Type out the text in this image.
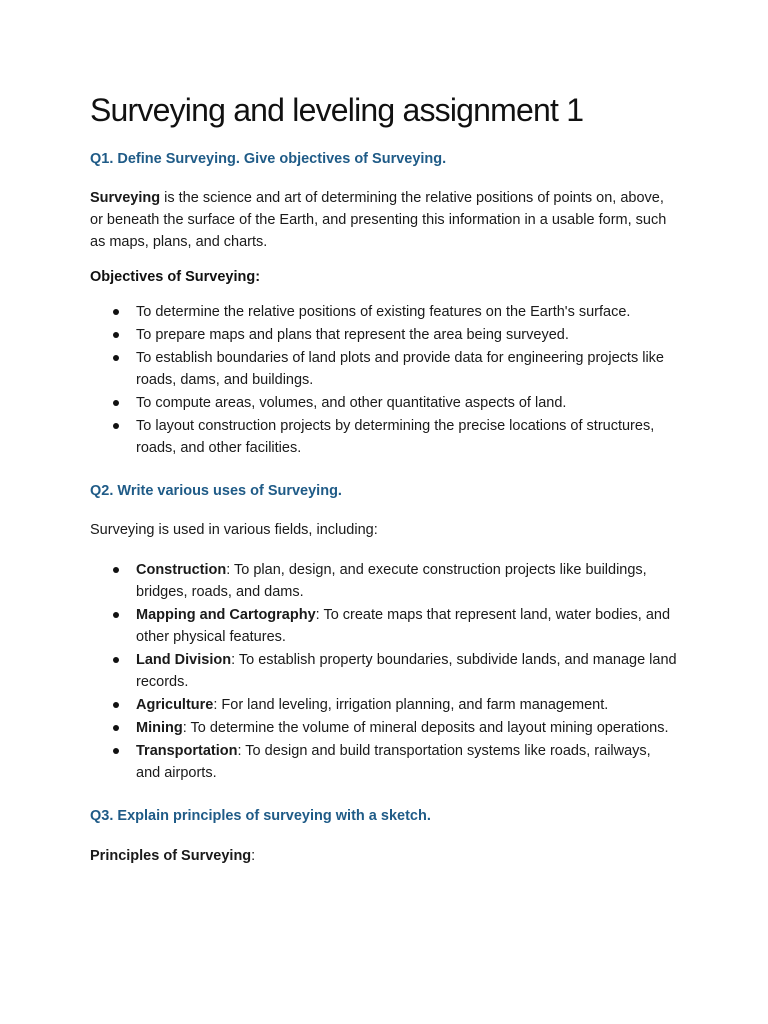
Surveying and leveling assignment 1
Q1. Define Surveying. Give objectives of Surveying.

Surveying is the science and art of determining the relative positions of points on, above, or beneath the surface of the Earth, and presenting this information in a usable form, such as maps, plans, and charts.

Objectives of Surveying:
To determine the relative positions of existing features on the Earth's surface.
To prepare maps and plans that represent the area being surveyed.
To establish boundaries of land plots and provide data for engineering projects like roads, dams, and buildings.
To compute areas, volumes, and other quantitative aspects of land.
To layout construction projects by determining the precise locations of structures, roads, and other facilities.
Q2. Write various uses of Surveying.

Surveying is used in various fields, including:

Construction: To plan, design, and execute construction projects like buildings, bridges, roads, and dams.
Mapping and Cartography: To create maps that represent land, water bodies, and other physical features.
Land Division: To establish property boundaries, subdivide lands, and manage land records.
Agriculture: For land leveling, irrigation planning, and farm management.
Mining: To determine the volume of mineral deposits and layout mining operations.
Transportation: To design and build transportation systems like roads, railways, and airports.
Q3. Explain principles of surveying with a sketch.

Principles of Surveying:
